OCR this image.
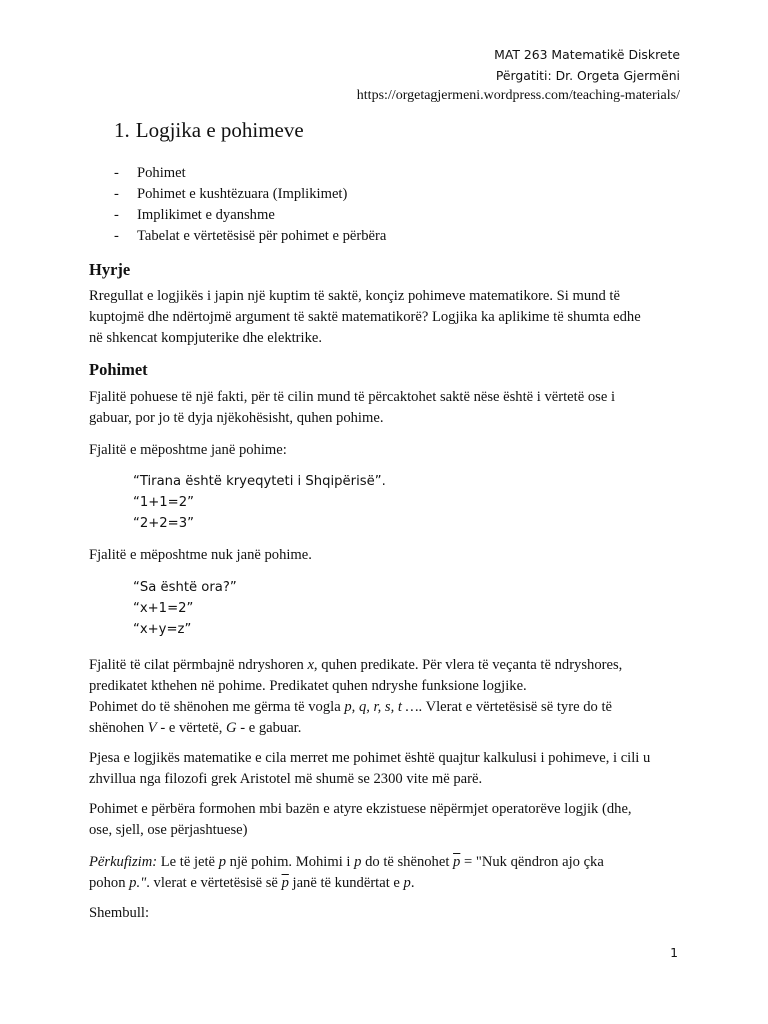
MAT 263 Matematikë Diskrete
Përgatiti: Dr. Orgeta Gjermëni
https://orgetagjermeni.wordpress.com/teaching-materials/
1. Logjika e pohimeve
- Pohimet
- Pohimet e kushtëzuara (Implikimet)
- Implikimet e dyanshme
- Tabelat e vërtetësisë për pohimet e përbëra
Hyrje
Rregullat e logjikës i japin një kuptim të saktë, konçiz pohimeve matematikore. Si mund të
kuptojmë dhe ndërtojmë argument të saktë matematikorë? Logjika ka aplikime të shumta edhe
në shkencat kompjuterike dhe elektrike.
Pohimet
Fjalitë pohuese të një fakti, për të cilin mund të përcaktohet saktë nëse është i vërtetë ose i
gabuar, por jo të dyja njëkohësisht, quhen pohime.
Fjalitë e mëposhtme janë pohime:
“Tirana është kryeqyteti i Shqipërisë”.
“1+1=2”
“2+2=3”
Fjalitë e mëposhtme nuk janë pohime.
“Sa është ora?”
“x+1=2”
“x+y=z”
Fjalitë të cilat përmbajnë ndryshoren x, quhen predikate. Për vlera të veçanta të ndryshores,
predikatet kthehen në pohime. Predikatet quhen ndryshe funksione logjike.
Pohimet do të shënohen me gërma të vogla p, q, r, s, t …. Vlerat e vërtetësisë së tyre do të
shënohen V - e vërtetë, G - e gabuar.
Pjesa e logjikës matematike e cila merret me pohimet është quajtur kalkulusi i pohimeve, i cili u
zhvillua nga filozofi grek Aristotel më shumë se 2300 vite më parë.
Pohimet e përbëra formohen mbi bazën e atyre ekzistuese nëpërmjet operatorëve logjik (dhe,
ose, sjell, ose përjashtuese)
Përkufizim: Le të jetë p një pohim. Mohimi i p do të shënohet $\overline{p}$ = "Nuk qëndron ajo çka
pohon p.". vlerat e vërtetësisë së $\overline{p}$ janë të kundërtat e p.
Shembull:
1
